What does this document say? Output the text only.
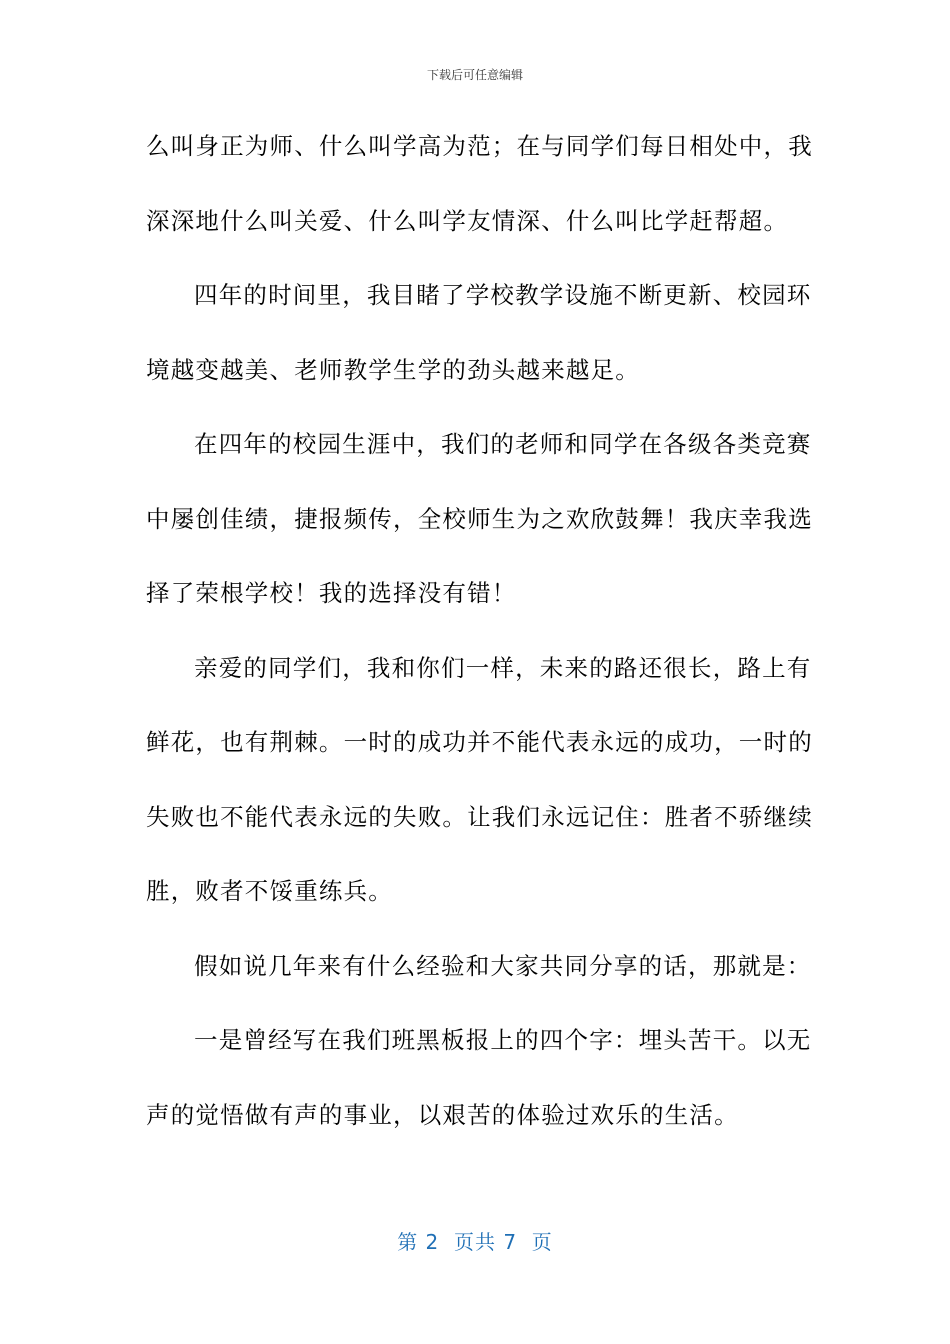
下载后可任意编辑
么叫身正为师、什么叫学高为范；在与同学们每日相处中，我
深深地什么叫关爱、什么叫学友情深、什么叫比学赶帮超。
四年的时间里，我目睹了学校教学设施不断更新、校园环
境越变越美、老师教学生学的劲头越来越足。
在四年的校园生涯中，我们的老师和同学在各级各类竞赛
中屡创佳绩，捷报频传，全校师生为之欢欣鼓舞！我庆幸我选
择了荣根学校！我的选择没有错！
亲爱的同学们，我和你们一样，未来的路还很长，路上有
鲜花，也有荆棘。一时的成功并不能代表永远的成功，一时的
失败也不能代表永远的失败。让我们永远记住：胜者不骄继续
胜，败者不馁重练兵。
假如说几年来有什么经验和大家共同分享的话，那就是：
一是曾经写在我们班黑板报上的四个字：埋头苦干。以无
声的觉悟做有声的事业，以艰苦的体验过欢乐的生活。
第 2  页共 7  页
